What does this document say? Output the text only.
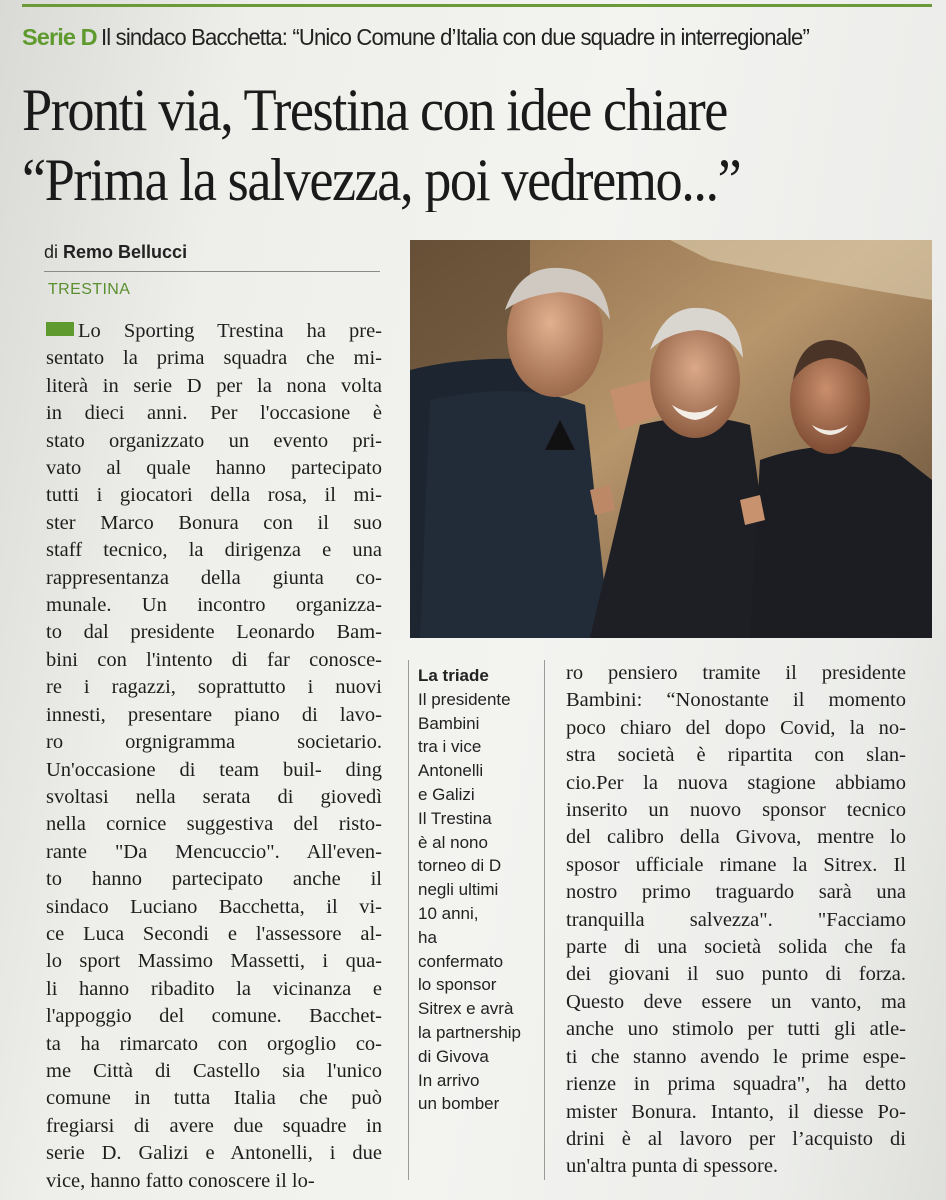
Serie D Il sindaco Bacchetta: “Unico Comune d’Italia con due squadre in interregionale”
Pronti via, Trestina con idee chiare
“Prima la salvezza, poi vedremo...”
di Remo Bellucci
TRESTINA
Lo Sporting Trestina ha pre-
sentato la prima squadra che mi-
literà in serie D per la nona volta
in dieci anni. Per l'occasione è
stato organizzato un evento pri-
vato al quale hanno partecipato
tutti i giocatori della rosa, il mi-
ster Marco Bonura con il suo
staff tecnico, la dirigenza e una
rappresentanza della giunta co-
munale. Un incontro organizza-
to dal presidente Leonardo Bam-
bini con l'intento di far conosce-
re i ragazzi, soprattutto i nuovi
innesti, presentare piano di lavo-
ro orgnigramma societario.
Un'occasione di team buil- ding
svoltasi nella serata di giovedì
nella cornice suggestiva del risto-
rante "Da Mencuccio". All'even-
to hanno partecipato anche il
sindaco Luciano Bacchetta, il vi-
ce Luca Secondi e l'assessore al-
lo sport Massimo Massetti, i qua-
li hanno ribadito la vicinanza e
l'appoggio del comune. Bacchet-
ta ha rimarcato con orgoglio co-
me Città di Castello sia l'unico
comune in tutta Italia che può
fregiarsi di avere due squadre in
serie D. Galizi e Antonelli, i due
vice, hanno fatto conoscere il lo-
La triade
Il presidente
Bambini
tra i vice
Antonelli
e Galizi
Il Trestina
è al nono
torneo di D
negli ultimi
10 anni,
ha
confermato
lo sponsor
Sitrex e avrà
la partnership
di Givova
In arrivo
un bomber
ro pensiero tramite il presidente
Bambini: “Nonostante il momento
poco chiaro del dopo Covid, la no-
stra società è ripartita con slan-
cio.Per la nuova stagione abbiamo
inserito un nuovo sponsor tecnico
del calibro della Givova, mentre lo
sposor ufficiale rimane la Sitrex. Il
nostro primo traguardo sarà una
tranquilla salvezza". "Facciamo
parte di una società solida che fa
dei giovani il suo punto di forza.
Questo deve essere un vanto, ma
anche uno stimolo per tutti gli atle-
ti che stanno avendo le prime espe-
rienze in prima squadra", ha detto
mister Bonura. Intanto, il diesse Po-
drini è al lavoro per l’acquisto di
un'altra punta di spessore.
